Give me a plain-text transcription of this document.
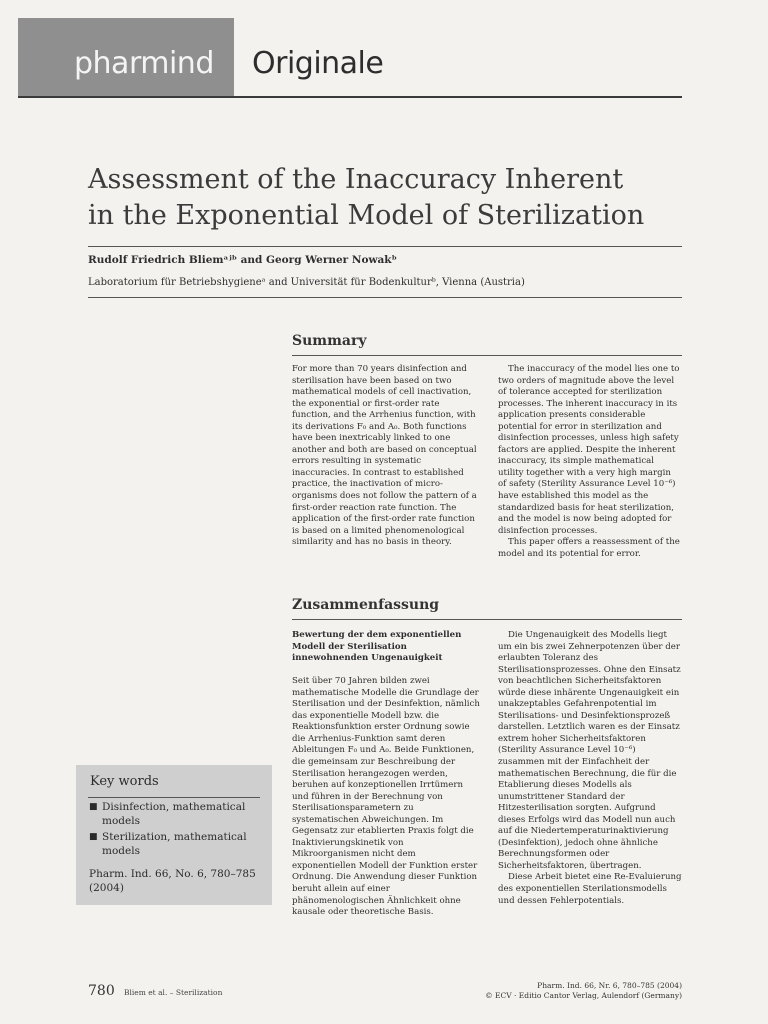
pharmind Originale
Assessment of the Inaccuracy Inherent
in the Exponential Model of Sterilization
Rudolf Friedrich Bliemᵃʲᵇ and Georg Werner Nowakᵇ
Laboratorium für Betriebshygieneᵃ and Universität für Bodenkulturᵇ, Vienna (Austria)
Summary

For more than 70 years disinfection and sterilisation have been based on two mathematical models of cell inactivation, the exponential or first-order rate function, and the Arrhenius function, with its derivations F₀ and A₀. Both functions have been inextricably linked to one another and both are based on conceptual errors resulting in systematic inaccuracies. In contrast to established practice, the inactivation of micro-organisms does not follow the pattern of a first-order reaction rate function. The application of the first-order rate function is based on a limited phenomenological similarity and has no basis in theory.

The inaccuracy of the model lies one to two orders of magnitude above the level of tolerance accepted for sterilization processes. The inherent inaccuracy in its application presents considerable potential for error in sterilization and disinfection processes, unless high safety factors are applied. Despite the inherent inaccuracy, its simple mathematical utility together with a very high margin of safety (Sterility Assurance Level 10⁻⁶) have established this model as the standardized basis for heat sterilization, and the model is now being adopted for disinfection processes.

This paper offers a reassessment of the model and its potential for error.

Zusammenfassung

Bewertung der dem exponentiellen Modell der Sterilisation innewohnenden Ungenauigkeit

Seit über 70 Jahren bilden zwei mathematische Modelle die Grundlage der Sterilisation und der Desinfektion, nämlich das exponentielle Modell bzw. die Reaktionsfunktion erster Ordnung sowie die Arrhenius-Funktion samt deren Ableitungen F₀ und A₀. Beide Funktionen, die gemeinsam zur Beschreibung der Sterilisation herangezogen werden, beruhen auf konzeptionellen Irrtümern und führen in der Berechnung von Sterilisationsparametern zu systematischen Abweichungen. Im Gegensatz zur etablierten Praxis folgt die Inaktivierungskinetik von Mikroorganismen nicht dem exponentiellen Modell der Funktion erster Ordnung. Die Anwendung dieser Funktion beruht allein auf einer phänomenologischen Ähnlichkeit ohne kausale oder theoretische Basis.

Die Ungenauigkeit des Modells liegt um ein bis zwei Zehnerpotenzen über der erlaubten Toleranz des Sterilisationsprozesses. Ohne den Einsatz von beachtlichen Sicherheitsfaktoren würde diese inhärente Ungenauigkeit ein unakzeptables Gefahrenpotential im Sterilisations- und Desinfektionsprozeß darstellen. Letztlich waren es der Einsatz extrem hoher Sicherheitsfaktoren (Sterility Assurance Level 10⁻⁶) zusammen mit der Einfachheit der mathematischen Berechnung, die für die Etablierung dieses Modells als unumstrittener Standard der Hitzesterilisation sorgten. Aufgrund dieses Erfolgs wird das Modell nun auch auf die Niedertemperaturinaktivierung (Desinfektion), jedoch ohne ähnliche Berechnungsformen oder Sicherheitsfaktoren, übertragen.

Diese Arbeit bietet eine Re-Evaluierung des exponentiellen Sterilationsmodells und dessen Fehlerpotentials.

Key words
■ Disinfection, mathematical models
■ Sterilization, mathematical models
Pharm. Ind. 66, No. 6, 780–785 (2004)
780 Bliem et al. – Sterilization
Pharm. Ind. 66, Nr. 6, 780–785 (2004)
© ECV · Editio Cantor Verlag, Aulendorf (Germany)
